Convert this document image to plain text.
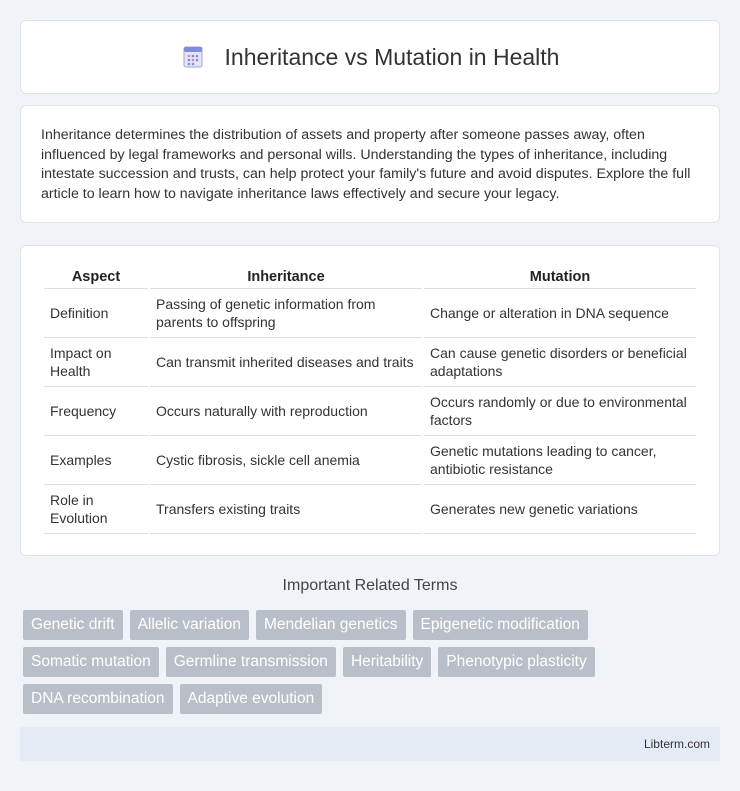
Inheritance vs Mutation in Health

Inheritance determines the distribution of assets and property after someone passes away, often influenced by legal frameworks and personal wills. Understanding the types of inheritance, including intestate succession and trusts, can help protect your family's future and avoid disputes. Explore the full article to learn how to navigate inheritance laws effectively and secure your legacy.

Aspect	Inheritance	Mutation
Definition	Passing of genetic information from parents to offspring	Change or alteration in DNA sequence
Impact on Health	Can transmit inherited diseases and traits	Can cause genetic disorders or beneficial adaptations
Frequency	Occurs naturally with reproduction	Occurs randomly or due to environmental factors
Examples	Cystic fibrosis, sickle cell anemia	Genetic mutations leading to cancer, antibiotic resistance
Role in Evolution	Transfers existing traits	Generates new genetic variations
Important Related Terms
Genetic drift	Allelic variation	Mendelian genetics	Epigenetic modification
Somatic mutation	Germline transmission	Heritability	Phenotypic plasticity
DNA recombination	Adaptive evolution
Libterm.com
